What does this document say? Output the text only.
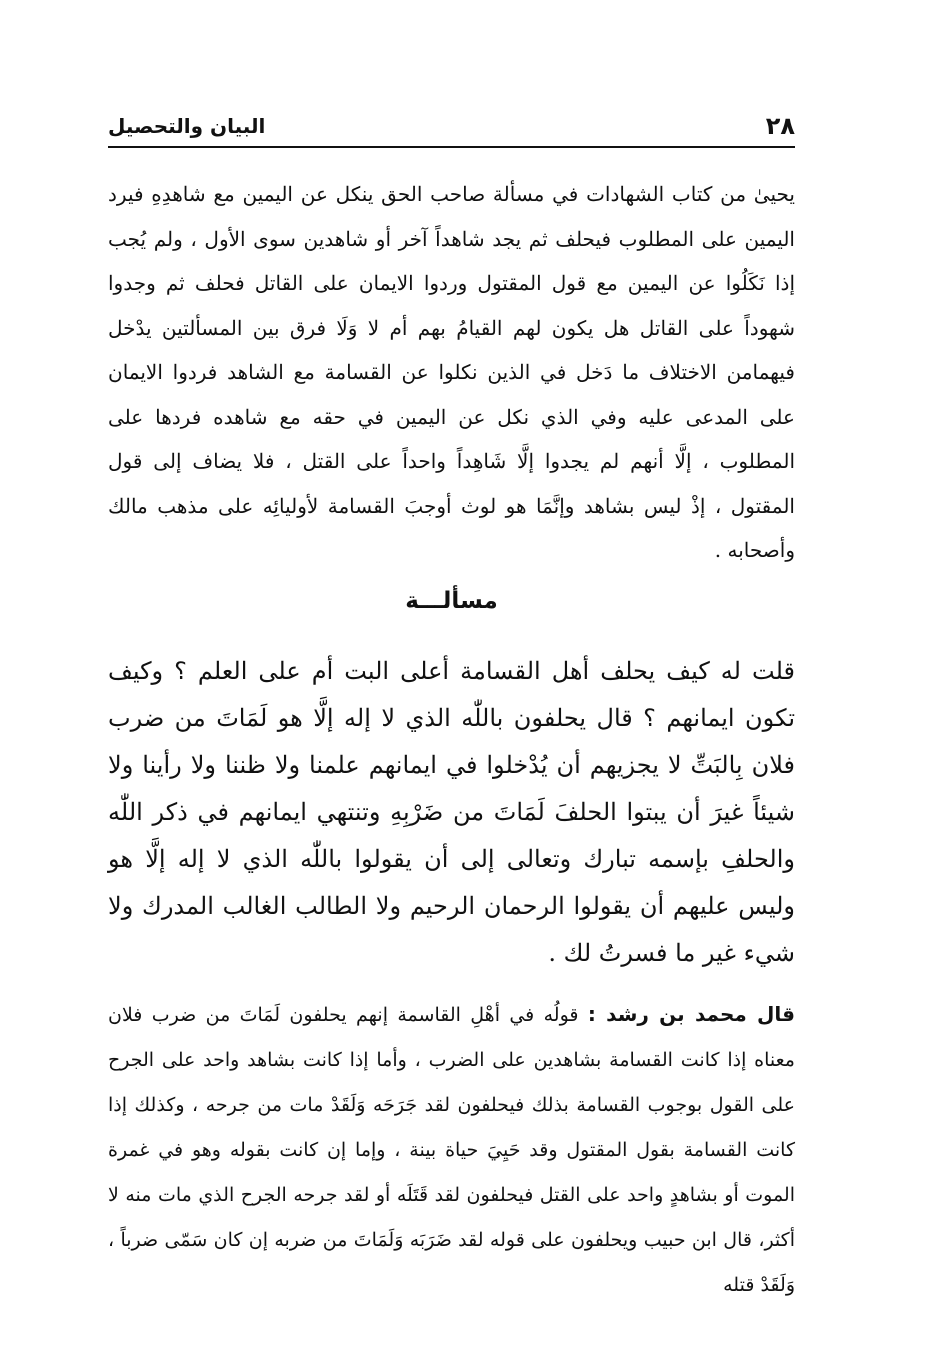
٢٨
البيان والتحصيل

يحيىٰ من كتاب الشهادات في مسألة صاحب الحق ينكل عن اليمين مع شاهدِهِ فيرد اليمين على المطلوب فيحلف ثم يجد شاهداً آخر أو شاهدين سوى الأول ، ولم يُجب إذا نَكَلُوا عن اليمين مع قول المقتول وردوا الايمان على القاتل فحلف ثم وجدوا شهوداً على القاتل هل يكون لهم القيامُ بهم أم لا وَلَا فرق بين المسألتين يدْخل فيهمامن الاختلاف ما دَخل في الذين نكلوا عن القسامة مع الشاهد فردوا الايمان على المدعى عليه وفي الذي نكل عن اليمين في حقه مع شاهده فردها على المطلوب ، إلَّا أنهم لم يجدوا إلَّا شَاهِداً واحداً على القتل ، فلا يضاف إلى قول المقتول ، إذْ ليس بشاهد وإنَّمَا هو لوث أوجبَ القسامة لأوليائِه على مذهب مالك وأصحابه .

مسألـــة

قلت له كيف يحلف أهل القسامة أعلى البت أم على العلم ؟ وكيف تكون ايمانهم ؟ قال يحلفون باللّٰه الذي لا إله إلَّا هو لَمَاتَ من ضرب فلان بِالبَتِّ لا يجزيهم أن يُدْخلوا في ايمانهم علمنا ولا ظننا ولا رأينا ولا شيئاً غيرَ أن يبتوا الحلفَ لَمَاتَ من ضَرْبِهِ وتنتهي ايمانهم في ذكر اللّٰه والحلفِ بإسمه تبارك وتعالى إلى أن يقولوا باللّٰه الذي لا إله إلَّا هو وليس عليهم أن يقولوا الرحمان الرحيم ولا الطالب الغالب المدرك ولا شيء غير ما فسرتُ لك .

قال محمد بن رشد : قولُه في أهْلِ القاسمة إنهم يحلفون لَمَاتَ من ضرب فلان معناه إذا كانت القسامة بشاهدين على الضرب ، وأما إذا كانت بشاهد واحد على الجرح على القول بوجوب القسامة بذلك فيحلفون لقد جَرَحَه وَلَقَدْ مات من جرحه ، وكذلك إذا كانت القسامة بقول المقتول وقد حَيِيَ حياة بينة ، وإما إن كانت بقوله وهو في غمرة الموت أو بشاهدٍ واحد على القتل فيحلفون لقد قَتَلَه أو لقد جرحه الجرح الذي مات منه لا أكثر، قال ابن حبيب ويحلفون على قوله لقد ضَرَبَه وَلَمَاتَ من ضربه إن كان سَمّى ضرباً ، وَلَقَدْ قتله
